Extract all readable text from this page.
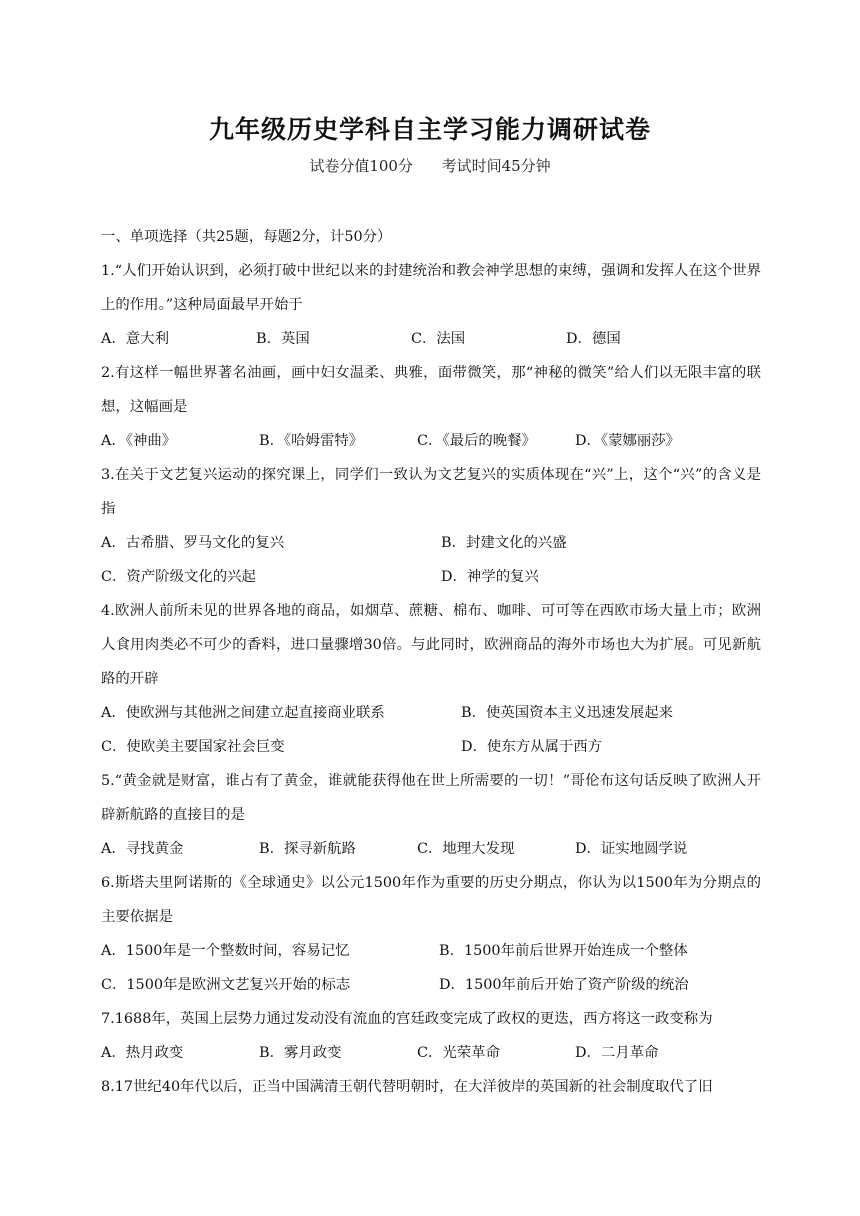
九年级历史学科自主学习能力调研试卷
试卷分值100分      考试时间45分钟
一、单项选择（共25题，每题2分，计50分）
1.“人们开始认识到，必须打破中世纪以来的封建统治和教会神学思想的束缚，强调和发挥人在这个世界上的作用。”这种局面最早开始于
A．意大利	B．英国	C．法国	D．德国
2.有这样一幅世界著名油画，画中妇女温柔、典雅，面带微笑，那“神秘的微笑”给人们以无限丰富的联想，这幅画是
A．《神曲》	B．《哈姆雷特》	C．《最后的晚餐》	D．《蒙娜丽莎》
3.在关于文艺复兴运动的探究课上，同学们一致认为文艺复兴的实质体现在“兴”上，这个“兴”的含义是指
A．古希腊、罗马文化的复兴	B．封建文化的兴盛
C．资产阶级文化的兴起	D．神学的复兴
4.欧洲人前所未见的世界各地的商品，如烟草、蔗糖、棉布、咖啡、可可等在西欧市场大量上市；欧洲人食用肉类必不可少的香料，进口量骤增30倍。与此同时，欧洲商品的海外市场也大为扩展。可见新航路的开辟
A．使欧洲与其他洲之间建立起直接商业联系	B．使英国资本主义迅速发展起来
C．使欧美主要国家社会巨变	D．使东方从属于西方
5.“黄金就是财富，谁占有了黄金，谁就能获得他在世上所需要的一切！”哥伦布这句话反映了欧洲人开辟新航路的直接目的是
A．寻找黄金	B．探寻新航路	C．地理大发现	D．证实地圆学说
6.斯塔夫里阿诺斯的《全球通史》以公元1500年作为重要的历史分期点，你认为以1500年为分期点的主要依据是
A．1500年是一个整数时间，容易记忆	B．1500年前后世界开始连成一个整体
C．1500年是欧洲文艺复兴开始的标志	D．1500年前后开始了资产阶级的统治
7.1688年，英国上层势力通过发动没有流血的宫廷政变完成了政权的更迭，西方将这一政变称为
A．热月政变	B．雾月政变	C．光荣革命	D．二月革命
8.17世纪40年代以后，正当中国满清王朝代替明朝时，在大洋彼岸的英国新的社会制度取代了旧
